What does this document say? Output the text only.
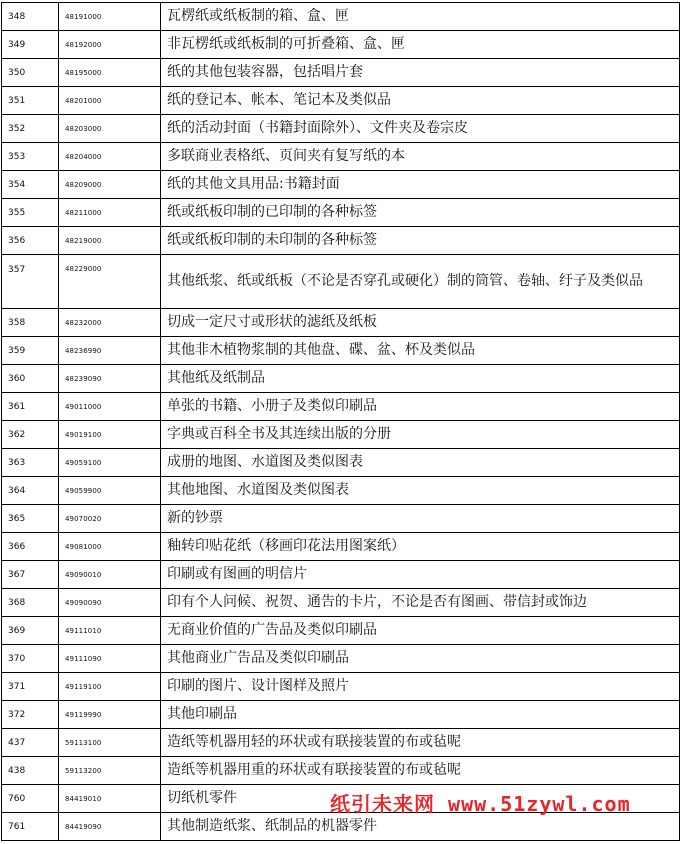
348	48191000	瓦楞纸或纸板制的箱、盒、匣
349	48192000	非瓦楞纸或纸板制的可折叠箱、盒、匣
350	48195000	纸的其他包装容器，包括唱片套
351	48201000	纸的登记本、帐本、笔记本及类似品
352	48203000	纸的活动封面（书籍封面除外）、文件夹及卷宗皮
353	48204000	多联商业表格纸、页间夹有复写纸的本
354	48209000	纸的其他文具用品:书籍封面
355	48211000	纸或纸板印制的已印制的各种标签
356	48219000	纸或纸板印制的未印制的各种标签
357	48229000	其他纸浆、纸或纸板（不论是否穿孔或硬化）制的筒管、卷轴、纡子及类似品
358	48232000	切成一定尺寸或形状的滤纸及纸板
359	48236990	其他非木植物浆制的其他盘、碟、盆、杯及类似品
360	48239090	其他纸及纸制品
361	49011000	单张的书籍、小册子及类似印刷品
362	49019100	字典或百科全书及其连续出版的分册
363	49059100	成册的地图、水道图及类似图表
364	49059900	其他地图、水道图及类似图表
365	49070020	新的钞票
366	49081000	釉转印贴花纸（移画印花法用图案纸）
367	49090010	印刷或有图画的明信片
368	49090090	印有个人问候、祝贺、通告的卡片，不论是否有图画、带信封或饰边
369	49111010	无商业价值的广告品及类似印刷品
370	49111090	其他商业广告品及类似印刷品
371	49119100	印刷的图片、设计图样及照片
372	49119990	其他印刷品
437	59113100	造纸等机器用轻的环状或有联接装置的布或毡呢
438	59113200	造纸等机器用重的环状或有联接装置的布或毡呢
760	84419010	切纸机零件
761	84419090	其他制造纸浆、纸制品的机器零件
纸引未来网 www.51zywl.com
